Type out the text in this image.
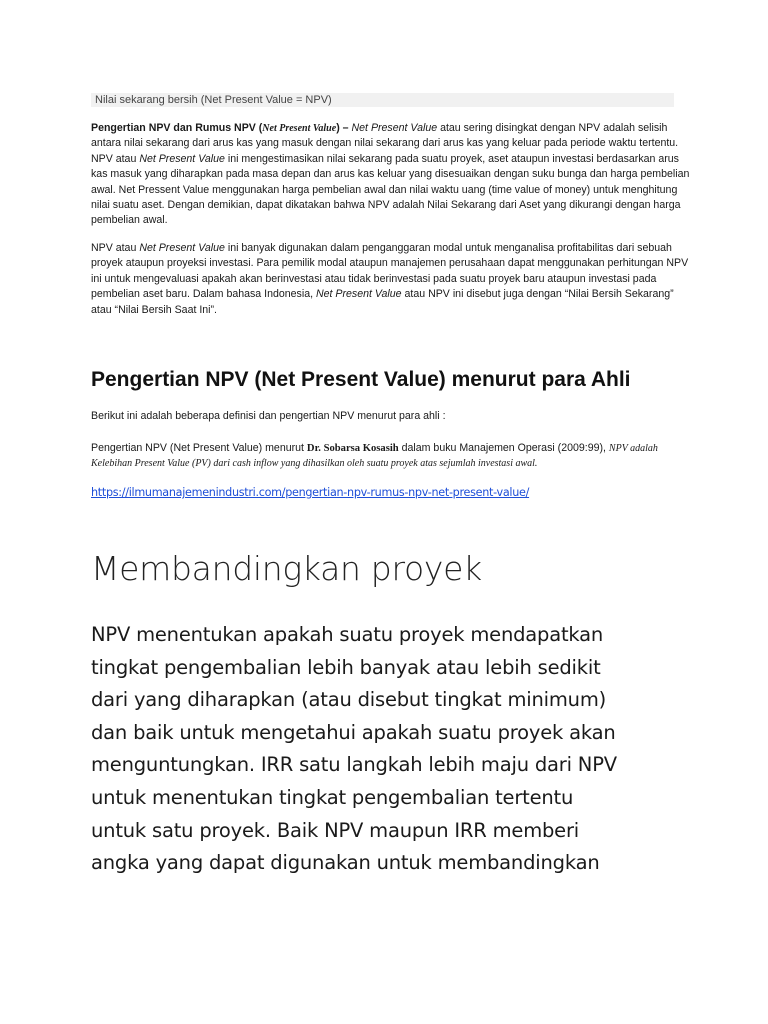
Nilai sekarang bersih (Net Present Value = NPV)
Pengertian NPV dan Rumus NPV (Net Present Value) – Net Present Value atau sering disingkat dengan NPV adalah selisih antara nilai sekarang dari arus kas yang masuk dengan nilai sekarang dari arus kas yang keluar pada periode waktu tertentu. NPV atau Net Present Value ini mengestimasikan nilai sekarang pada suatu proyek, aset ataupun investasi berdasarkan arus kas masuk yang diharapkan pada masa depan dan arus kas keluar yang disesuaikan dengan suku bunga dan harga pembelian awal. Net Pressent Value menggunakan harga pembelian awal dan nilai waktu uang (time value of money) untuk menghitung nilai suatu aset. Dengan demikian, dapat dikatakan bahwa NPV adalah Nilai Sekarang dari Aset yang dikurangi dengan harga pembelian awal.
NPV atau Net Present Value ini banyak digunakan dalam penganggaran modal untuk menganalisa profitabilitas dari sebuah proyek ataupun proyeksi investasi. Para pemilik modal ataupun manajemen perusahaan dapat menggunakan perhitungan NPV ini untuk mengevaluasi apakah akan berinvestasi atau tidak berinvestasi pada suatu proyek baru ataupun investasi pada pembelian aset baru. Dalam bahasa Indonesia, Net Present Value atau NPV ini disebut juga dengan “Nilai Bersih Sekarang” atau “Nilai Bersih Saat Ini”.
Pengertian NPV (Net Present Value) menurut para Ahli
Berikut ini adalah beberapa definisi dan pengertian NPV menurut para ahli :
Pengertian NPV (Net Present Value) menurut Dr. Sobarsa Kosasih dalam buku Manajemen Operasi (2009:99), NPV adalah Kelebihan Present Value (PV) dari cash inflow yang dihasilkan oleh suatu proyek atas sejumlah investasi awal.
https://ilmumanajemenindustri.com/pengertian-npv-rumus-npv-net-present-value/
Membandingkan proyek
NPV menentukan apakah suatu proyek mendapatkan
tingkat pengembalian lebih banyak atau lebih sedikit
dari yang diharapkan (atau disebut tingkat minimum)
dan baik untuk mengetahui apakah suatu proyek akan
menguntungkan. IRR satu langkah lebih maju dari NPV
untuk menentukan tingkat pengembalian tertentu
untuk satu proyek. Baik NPV maupun IRR memberi
angka yang dapat digunakan untuk membandingkan
